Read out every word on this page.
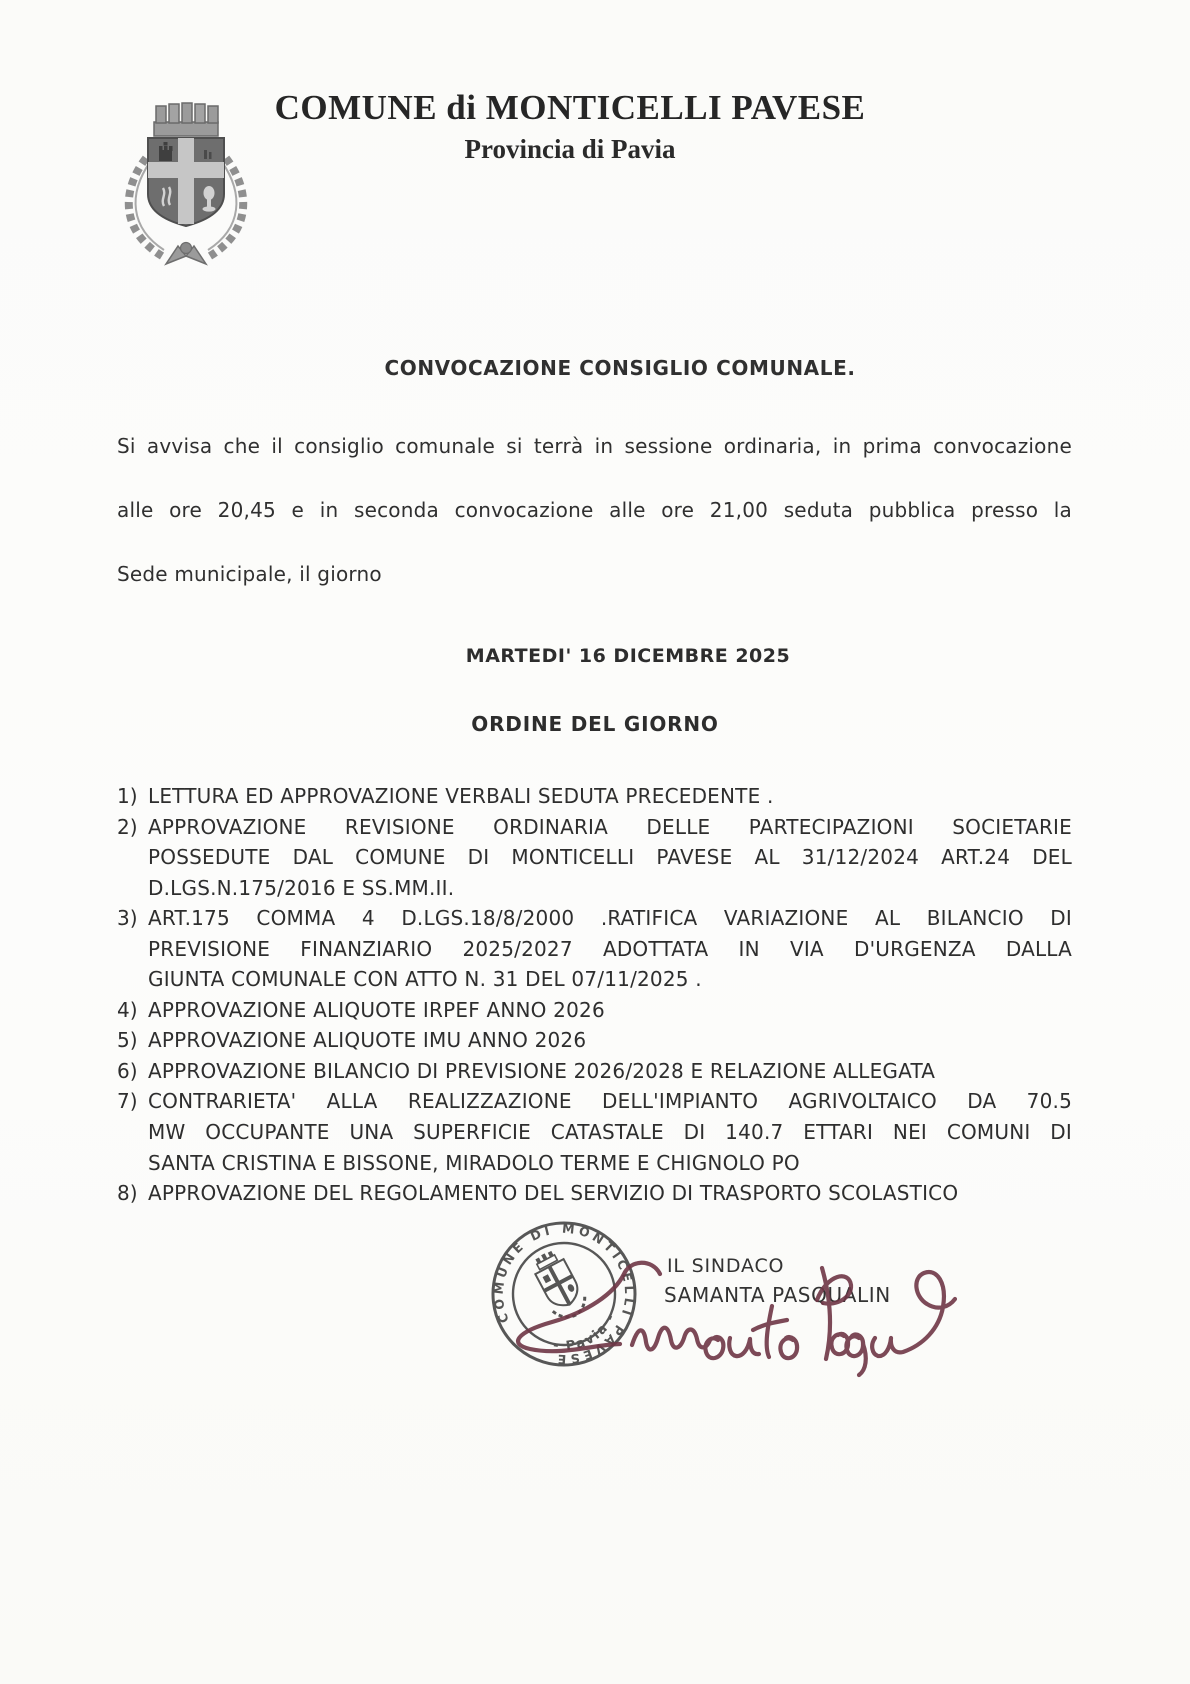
COMUNE di MONTICELLI PAVESE
Provincia di Pavia
CONVOCAZIONE CONSIGLIO COMUNALE.
Si avvisa che il consiglio comunale si terrà in sessione ordinaria, in prima convocazione
alle ore 20,45 e in seconda convocazione alle ore 21,00 seduta pubblica presso la
Sede municipale, il giorno
MARTEDI' 16 DICEMBRE 2025
ORDINE DEL GIORNO
1) LETTURA ED APPROVAZIONE VERBALI SEDUTA PRECEDENTE .
2) APPROVAZIONE REVISIONE ORDINARIA DELLE PARTECIPAZIONI SOCIETARIE
POSSEDUTE DAL COMUNE DI MONTICELLI PAVESE AL 31/12/2024 ART.24 DEL
D.LGS.N.175/2016 E SS.MM.II.
3) ART.175 COMMA 4 D.LGS.18/8/2000 .RATIFICA VARIAZIONE AL BILANCIO DI
PREVISIONE FINANZIARIO 2025/2027 ADOTTATA IN VIA D'URGENZA DALLA
GIUNTA COMUNALE CON ATTO N. 31 DEL 07/11/2025 .
4) APPROVAZIONE ALIQUOTE IRPEF ANNO 2026
5) APPROVAZIONE ALIQUOTE IMU ANNO 2026
6) APPROVAZIONE BILANCIO DI PREVISIONE 2026/2028 E RELAZIONE ALLEGATA
7) CONTRARIETA' ALLA REALIZZAZIONE DELL'IMPIANTO AGRIVOLTAICO DA 70.5
MW OCCUPANTE UNA SUPERFICIE CATASTALE DI 140.7 ETTARI NEI COMUNI DI
SANTA CRISTINA E BISSONE, MIRADOLO TERME E CHIGNOLO PO
8) APPROVAZIONE DEL REGOLAMENTO DEL SERVIZIO DI TRASPORTO SCOLASTICO
COMUNE DI MONTICELLI PAVESE
- Pavia -
IL SINDACO
SAMANTA PASQUALIN
